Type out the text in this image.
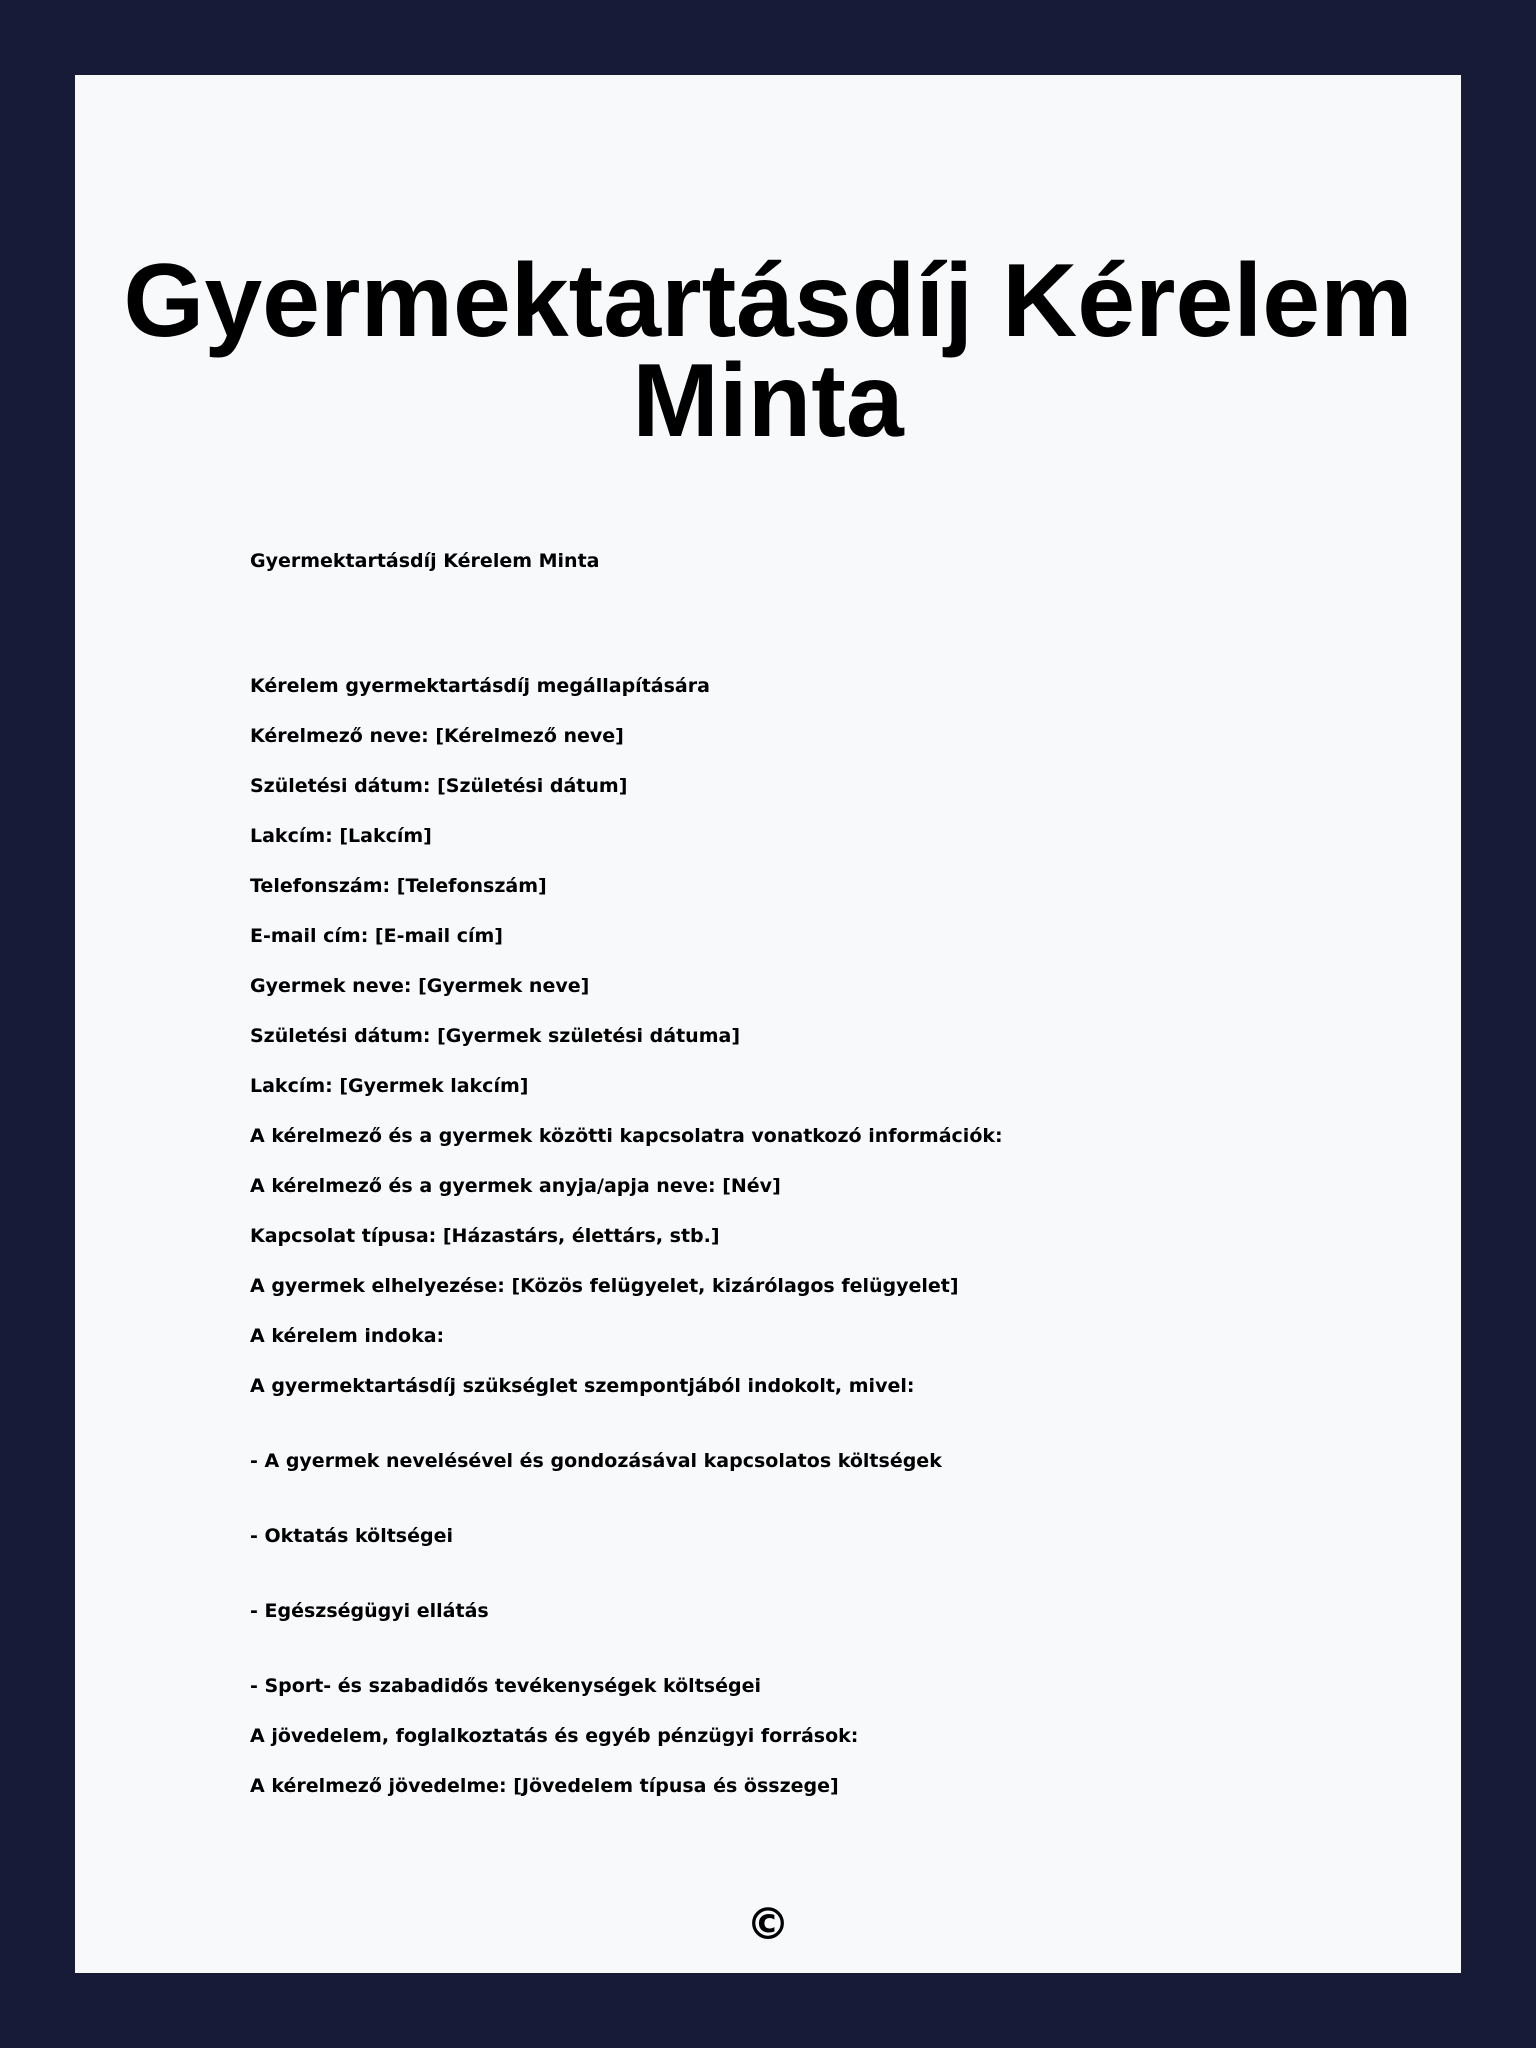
Gyermektartásdíj Kérelem Minta
Gyermektartásdíj Kérelem Minta
Kérelem gyermektartásdíj megállapítására
Kérelmező neve: [Kérelmező neve]
Születési dátum: [Születési dátum]
Lakcím: [Lakcím]
Telefonszám: [Telefonszám]
E-mail cím: [E-mail cím]
Gyermek neve: [Gyermek neve]
Születési dátum: [Gyermek születési dátuma]
Lakcím: [Gyermek lakcím]
A kérelmező és a gyermek közötti kapcsolatra vonatkozó információk:
A kérelmező és a gyermek anyja/apja neve: [Név]
Kapcsolat típusa: [Házastárs, élettárs, stb.]
A gyermek elhelyezése: [Közös felügyelet, kizárólagos felügyelet]
A kérelem indoka:
A gyermektartásdíj szükséglet szempontjából indokolt, mivel:
- A gyermek nevelésével és gondozásával kapcsolatos költségek
- Oktatás költségei
- Egészségügyi ellátás
- Sport- és szabadidős tevékenységek költségei
A jövedelem, foglalkoztatás és egyéb pénzügyi források:
A kérelmező jövedelme: [Jövedelem típusa és összege]
©
